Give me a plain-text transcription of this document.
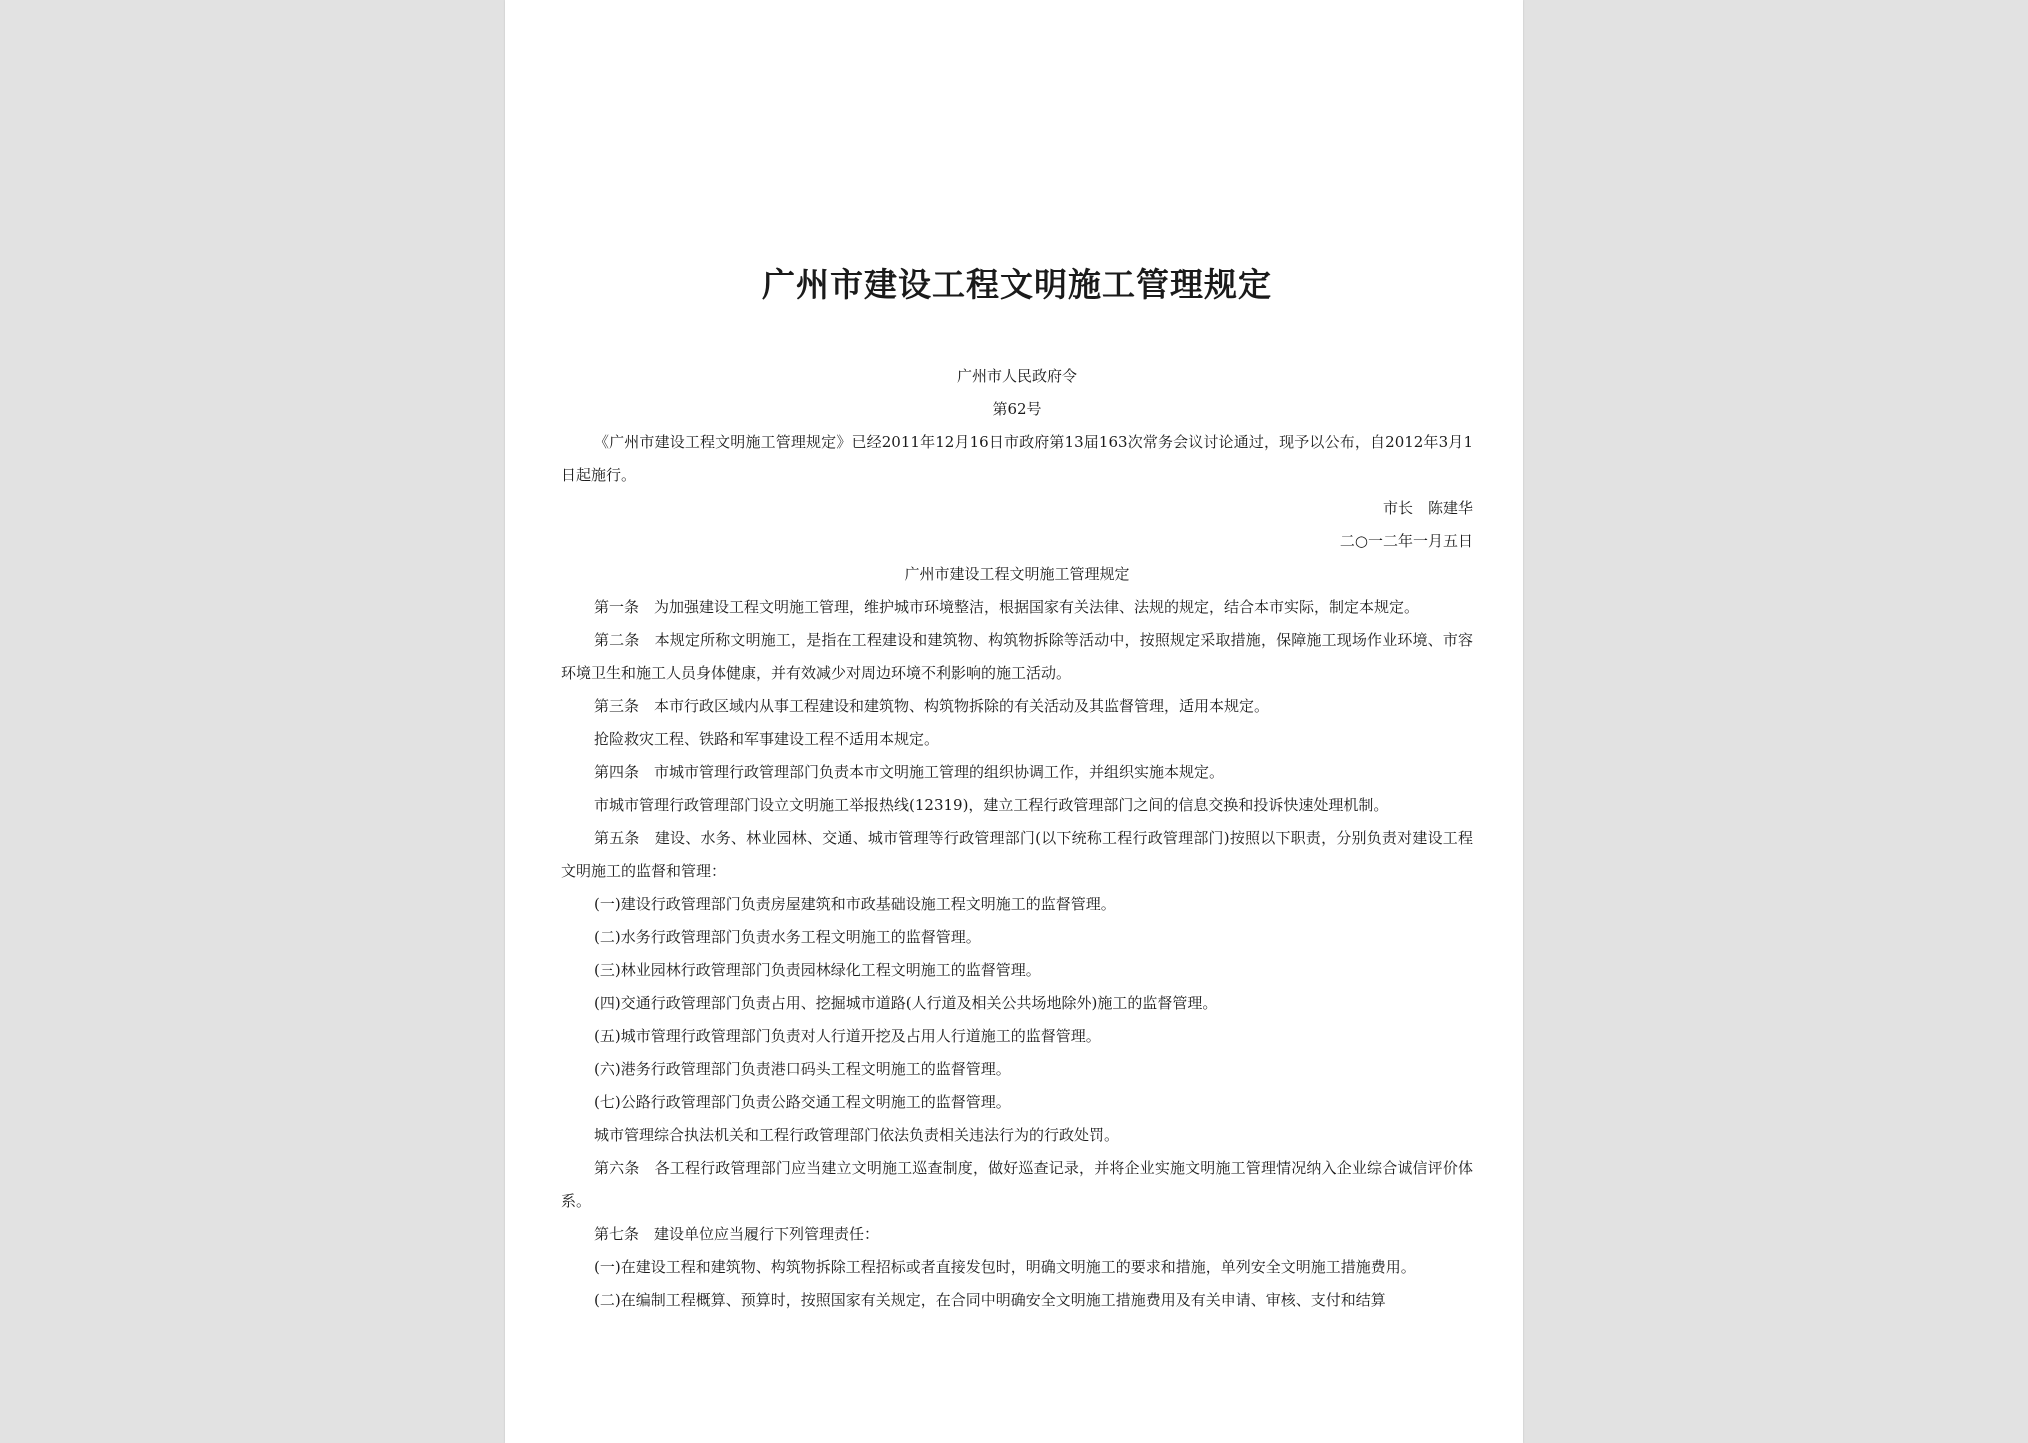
广州市建设工程文明施工管理规定

广州市人民政府令

第62号

《广州市建设工程文明施工管理规定》已经2011年12月16日市政府第13届163次常务会议讨论通过，现予以公布，自2012年3月1日起施行。

市长　陈建华

二○一二年一月五日

广州市建设工程文明施工管理规定

第一条　为加强建设工程文明施工管理，维护城市环境整洁，根据国家有关法律、法规的规定，结合本市实际，制定本规定。

第二条　本规定所称文明施工，是指在工程建设和建筑物、构筑物拆除等活动中，按照规定采取措施，保障施工现场作业环境、市容环境卫生和施工人员身体健康，并有效减少对周边环境不利影响的施工活动。

第三条　本市行政区域内从事工程建设和建筑物、构筑物拆除的有关活动及其监督管理，适用本规定。

抢险救灾工程、铁路和军事建设工程不适用本规定。

第四条　市城市管理行政管理部门负责本市文明施工管理的组织协调工作，并组织实施本规定。

市城市管理行政管理部门设立文明施工举报热线(12319)，建立工程行政管理部门之间的信息交换和投诉快速处理机制。

第五条　建设、水务、林业园林、交通、城市管理等行政管理部门(以下统称工程行政管理部门)按照以下职责，分别负责对建设工程文明施工的监督和管理：

(一)建设行政管理部门负责房屋建筑和市政基础设施工程文明施工的监督管理。

(二)水务行政管理部门负责水务工程文明施工的监督管理。

(三)林业园林行政管理部门负责园林绿化工程文明施工的监督管理。

(四)交通行政管理部门负责占用、挖掘城市道路(人行道及相关公共场地除外)施工的监督管理。

(五)城市管理行政管理部门负责对人行道开挖及占用人行道施工的监督管理。

(六)港务行政管理部门负责港口码头工程文明施工的监督管理。

(七)公路行政管理部门负责公路交通工程文明施工的监督管理。

城市管理综合执法机关和工程行政管理部门依法负责相关违法行为的行政处罚。

第六条　各工程行政管理部门应当建立文明施工巡查制度，做好巡查记录，并将企业实施文明施工管理情况纳入企业综合诚信评价体系。

第七条　建设单位应当履行下列管理责任：

(一)在建设工程和建筑物、构筑物拆除工程招标或者直接发包时，明确文明施工的要求和措施，单列安全文明施工措施费用。

(二)在编制工程概算、预算时，按照国家有关规定，在合同中明确安全文明施工措施费用及有关申请、审核、支付和结算
